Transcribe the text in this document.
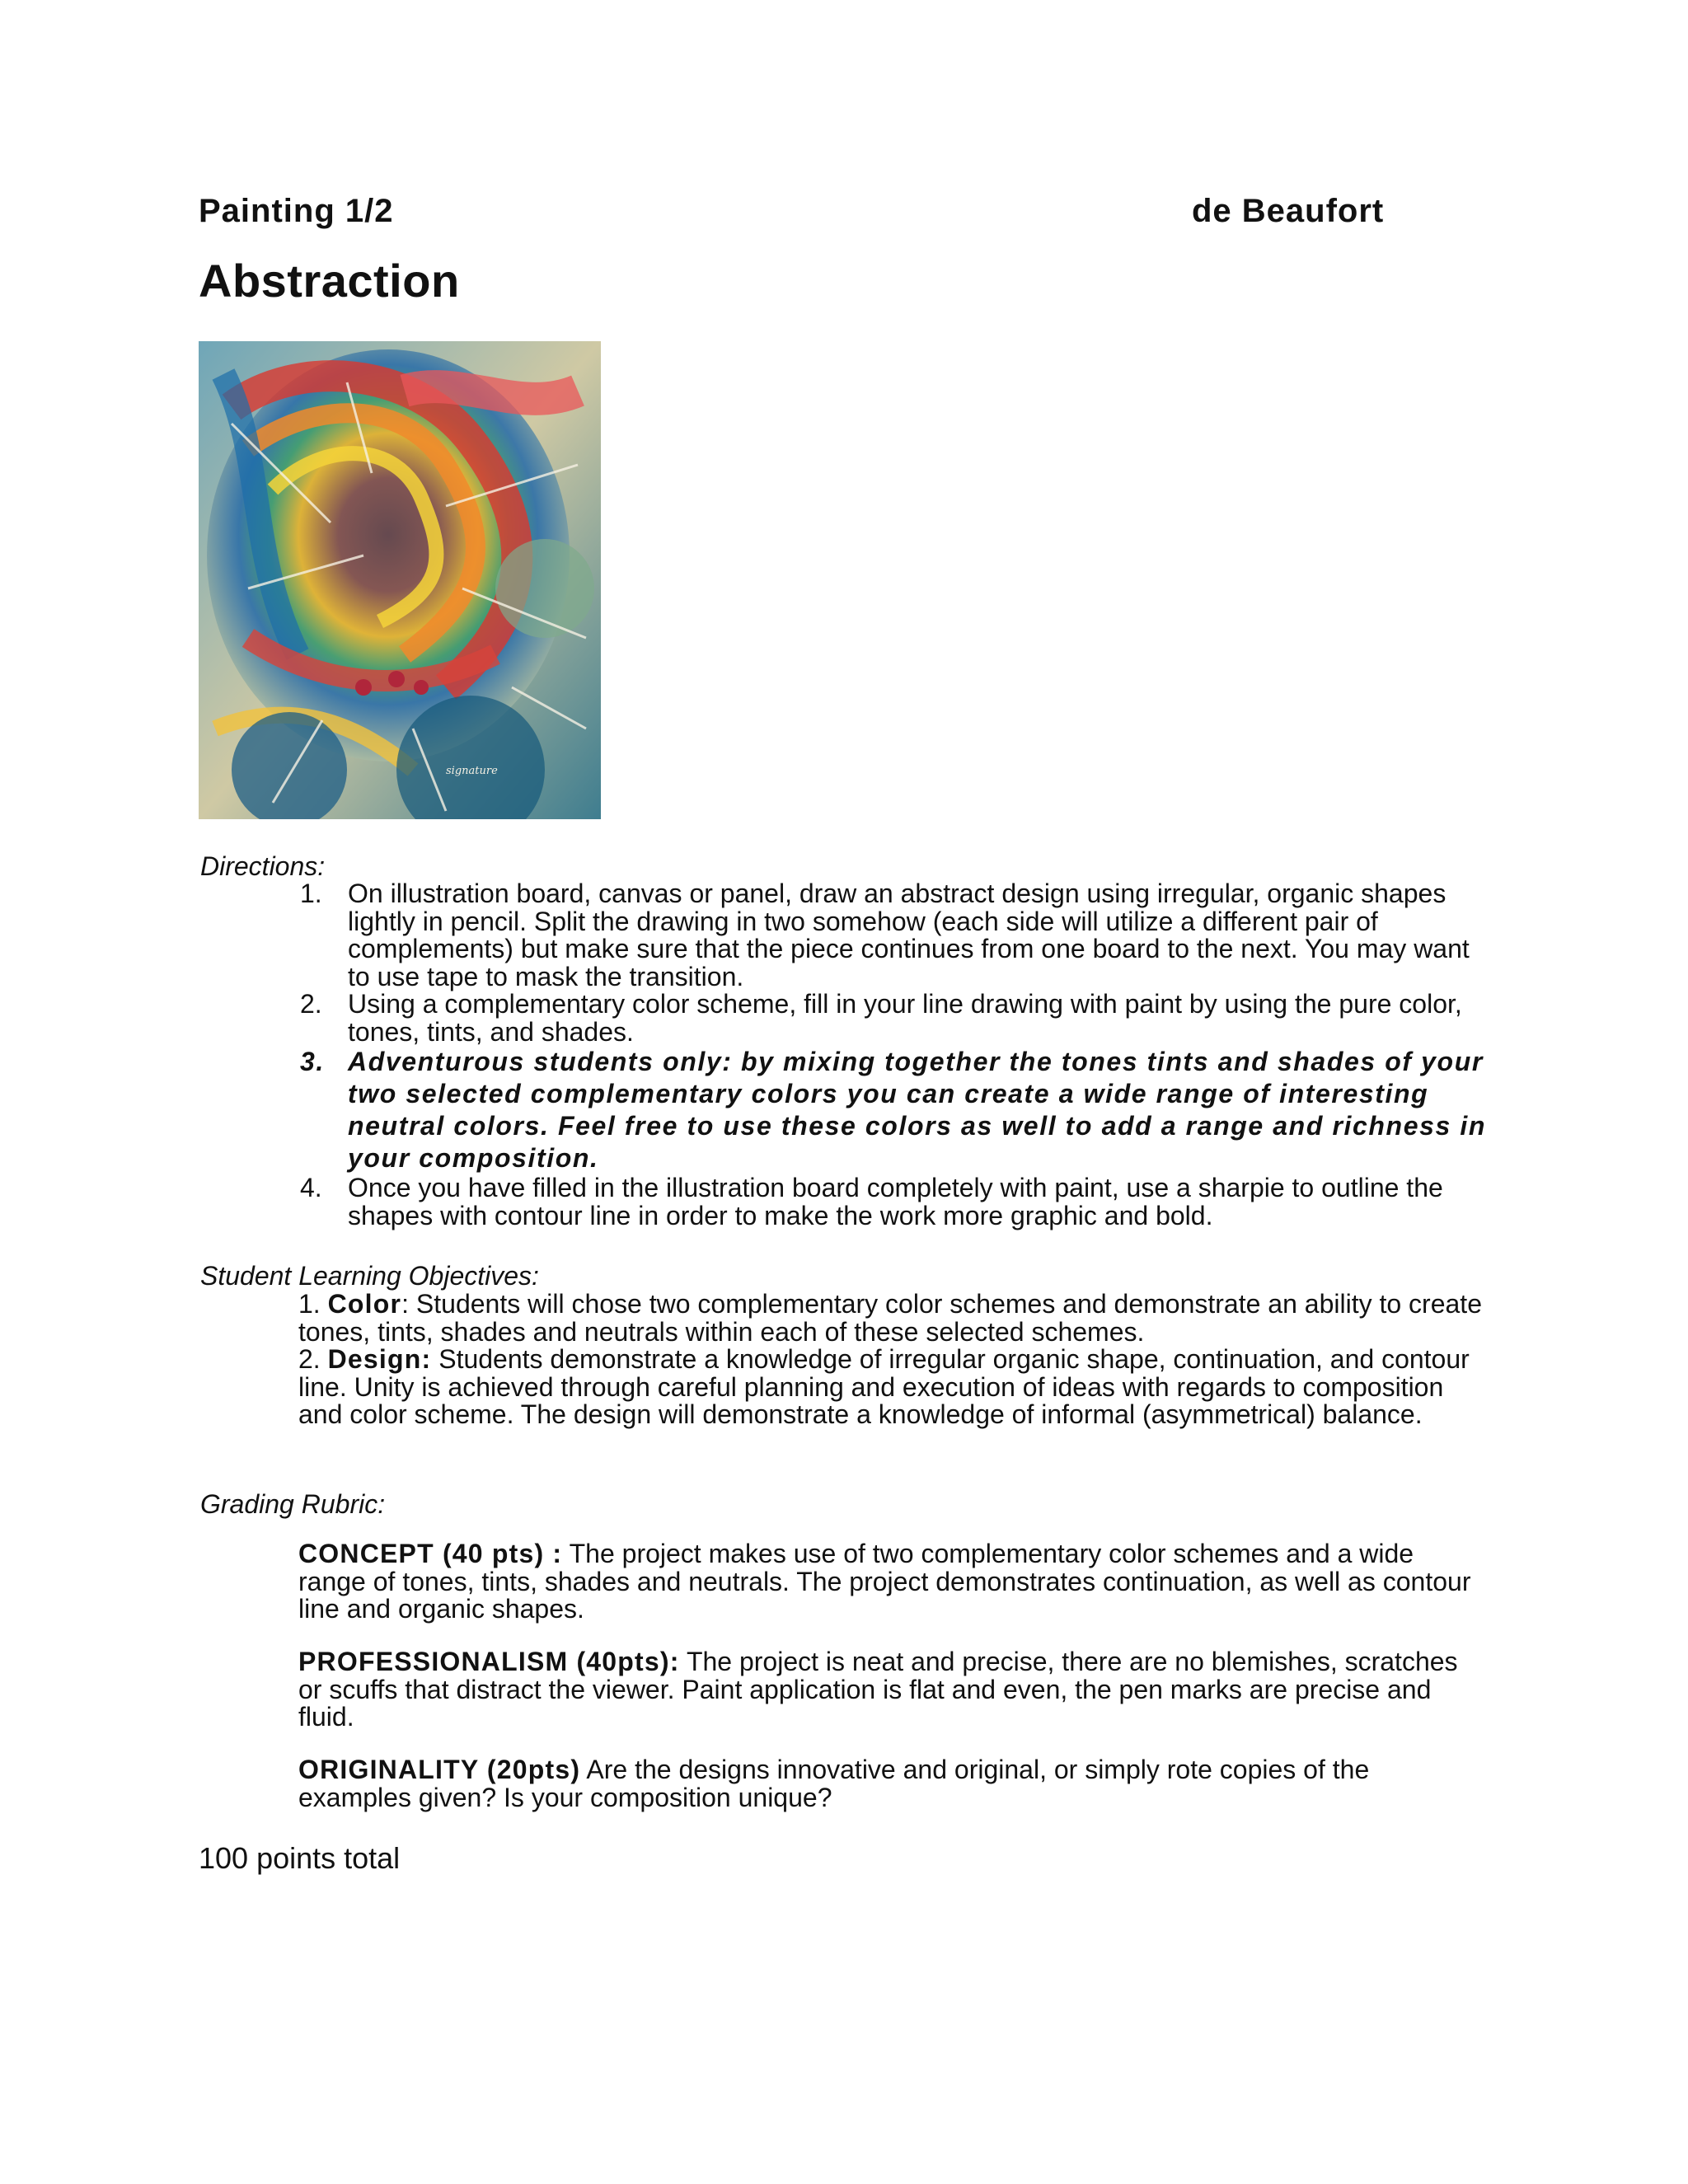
Painting 1/2	de Beaufort
Abstraction
signature
Directions:
1. On illustration board, canvas or panel, draw an abstract design using irregular, organic shapes lightly in pencil. Split the drawing in two somehow (each side will utilize a different pair of complements) but make sure that the piece continues from one board to the next. You may want to use tape to mask the transition.
2. Using a complementary color scheme, fill in your line drawing with paint by using the pure color, tones, tints, and shades.
3. Adventurous students only: by mixing together the tones tints and shades of your two selected complementary colors you can create a wide range of interesting neutral colors. Feel free to use these colors as well to add a range and richness in your composition.
4. Once you have filled in the illustration board completely with paint, use a sharpie to outline the shapes with contour line in order to make the work more graphic and bold.
Student Learning Objectives:
1. Color: Students will chose two complementary color schemes and demonstrate an ability to create tones, tints, shades and neutrals within each of these selected schemes.
2. Design: Students demonstrate a knowledge of irregular organic shape, continuation, and contour line. Unity is achieved through careful planning and execution of ideas with regards to composition and color scheme. The design will demonstrate a knowledge of informal (asymmetrical) balance.
Grading Rubric:
CONCEPT (40 pts) : The project makes use of two complementary color schemes and a wide range of tones, tints, shades and neutrals. The project demonstrates continuation, as well as contour line and organic shapes.
PROFESSIONALISM (40pts): The project is neat and precise, there are no blemishes, scratches or scuffs that distract the viewer. Paint application is flat and even, the pen marks are precise and fluid.
ORIGINALITY (20pts) Are the designs innovative and original, or simply rote copies of the examples given? Is your composition unique?
100 points total
